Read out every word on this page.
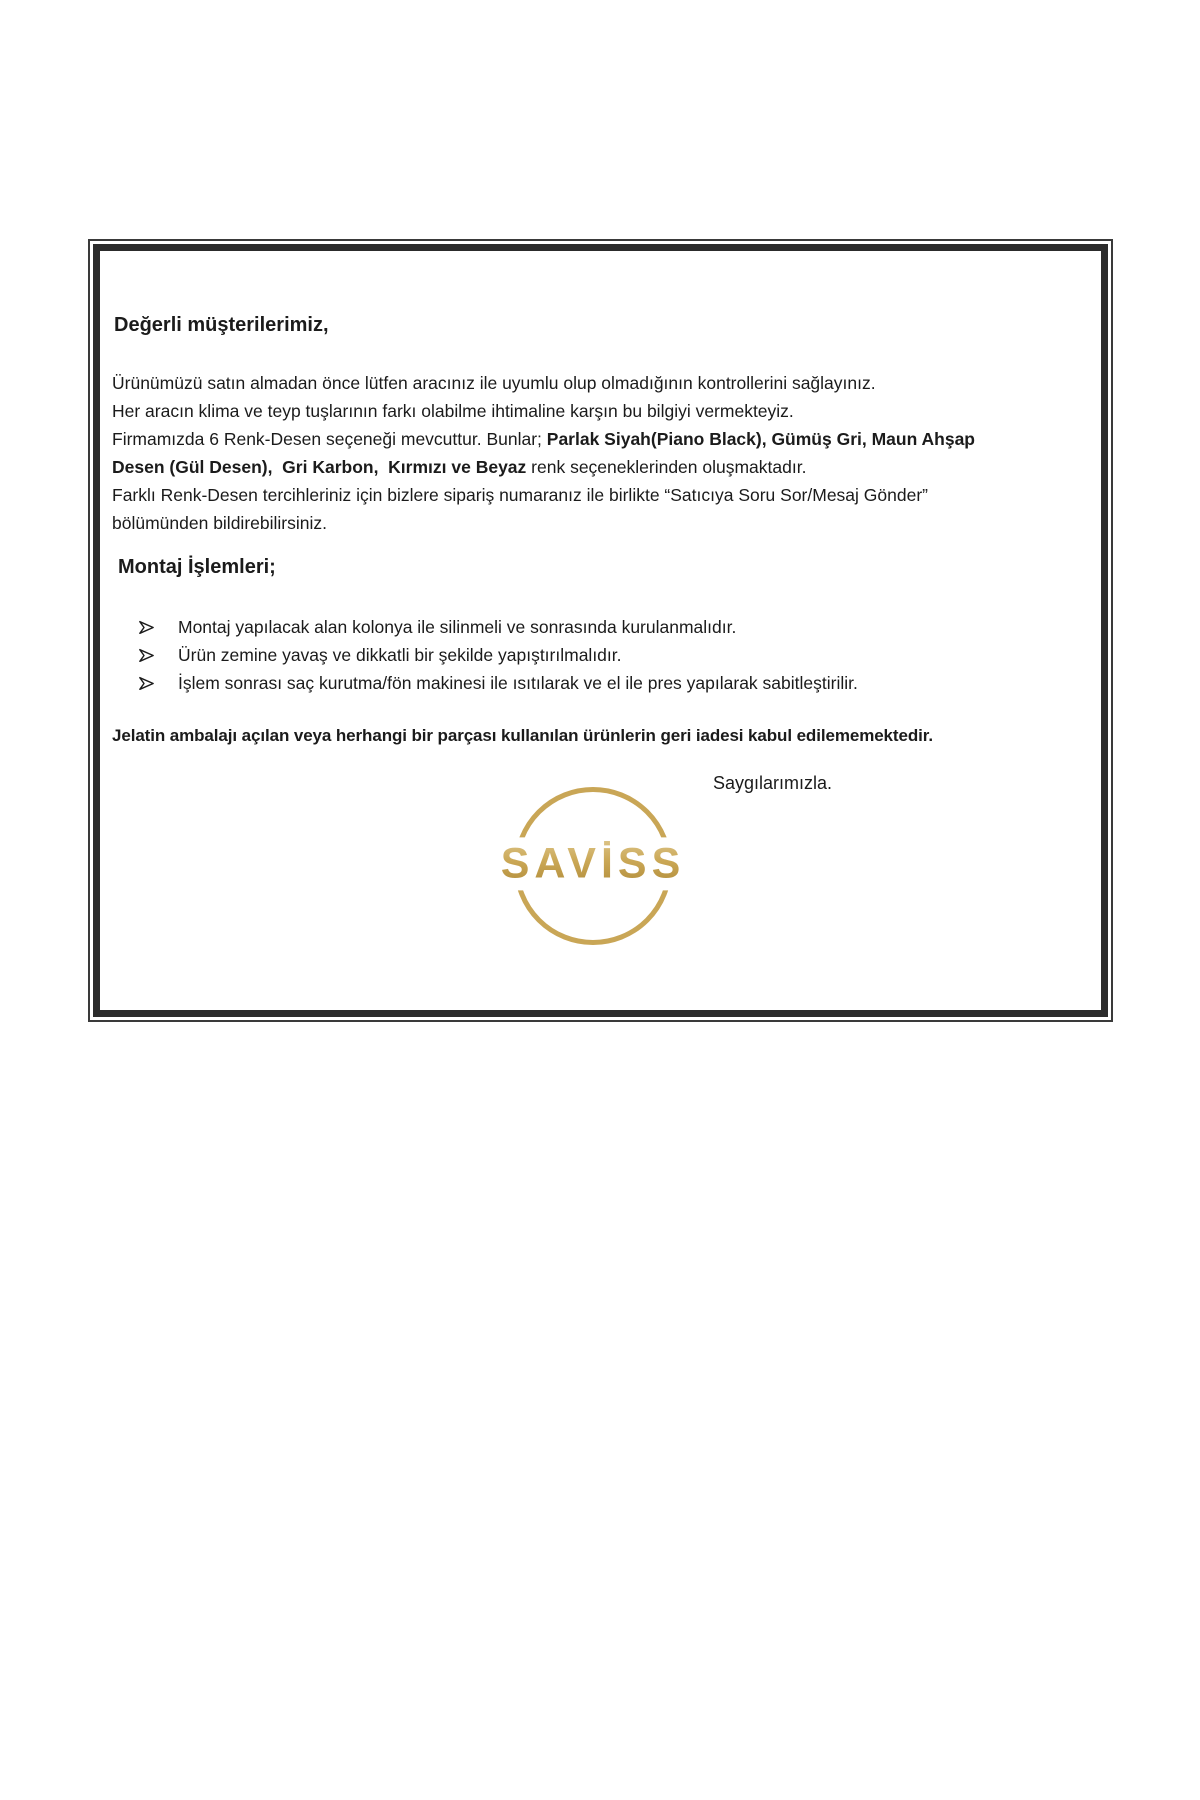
Değerli müşterilerimiz,
Ürünümüzü satın almadan önce lütfen aracınız ile uyumlu olup olmadığının kontrollerini sağlayınız.
Her aracın klima ve teyp tuşlarının farkı olabilme ihtimaline karşın bu bilgiyi vermekteyiz.
Firmamızda 6 Renk-Desen seçeneği mevcuttur. Bunlar; Parlak Siyah(Piano Black), Gümüş Gri, Maun Ahşap
Desen (Gül Desen),  Gri Karbon,  Kırmızı ve Beyaz renk seçeneklerinden oluşmaktadır.
Farklı Renk-Desen tercihleriniz için bizlere sipariş numaranız ile birlikte “Satıcıya Soru Sor/Mesaj Gönder”
bölümünden bildirebilirsiniz.
Montaj İşlemleri;
Montaj yapılacak alan kolonya ile silinmeli ve sonrasında kurulanmalıdır.
Ürün zemine yavaş ve dikkatli bir şekilde yapıştırılmalıdır.
İşlem sonrası saç kurutma/fön makinesi ile ısıtılarak ve el ile pres yapılarak sabitleştirilir.
Jelatin ambalajı açılan veya herhangi bir parçası kullanılan ürünlerin geri iadesi kabul edilememektedir.
Saygılarımızla.
SAVİSS
